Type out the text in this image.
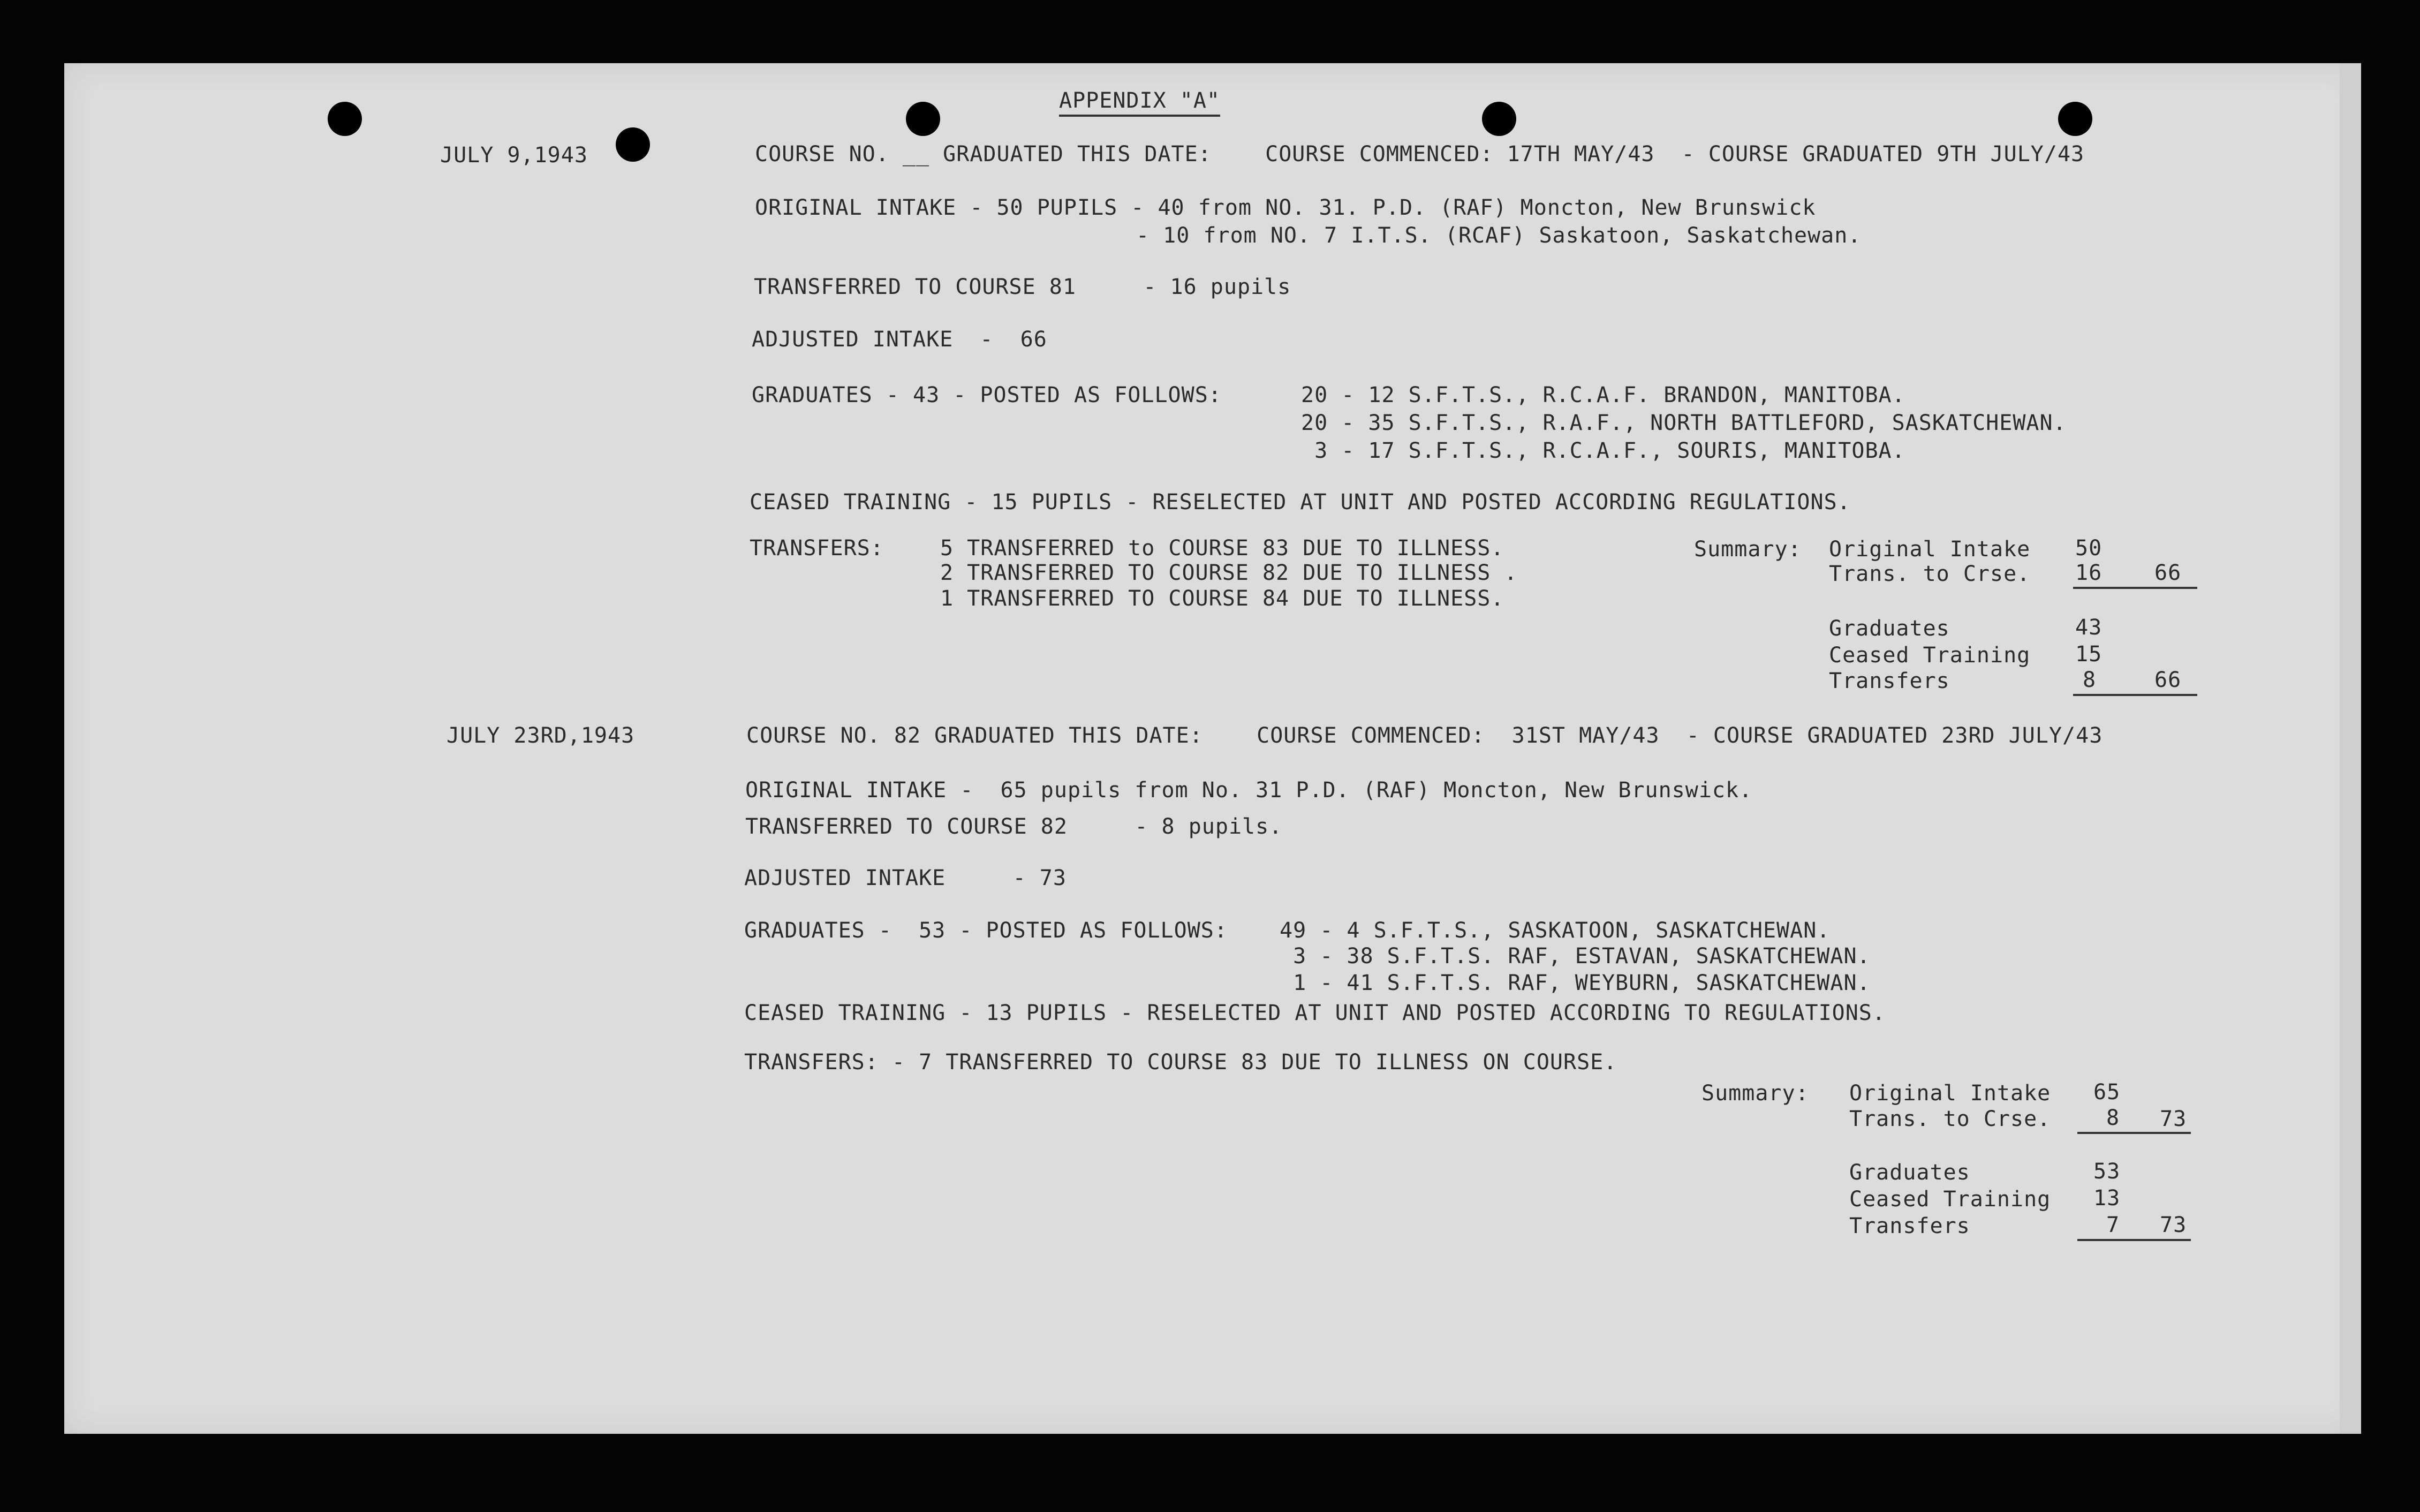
APPENDIX "A"
JULY 9,1943	COURSE NO. __ GRADUATED THIS DATE:    COURSE COMMENCED: 17TH MAY/43  - COURSE GRADUATED 9TH JULY/43
ORIGINAL INTAKE - 50 PUPILS - 40 from NO. 31. P.D. (RAF) Moncton, New Brunswick
- 10 from NO. 7 I.T.S. (RCAF) Saskatoon, Saskatchewan.
TRANSFERRED TO COURSE 81     - 16 pupils
ADJUSTED INTAKE  -  66
GRADUATES - 43 - POSTED AS FOLLOWS:	20 - 12 S.F.T.S., R.C.A.F. BRANDON, MANITOBA.
20 - 35 S.F.T.S., R.A.F., NORTH BATTLEFORD, SASKATCHEWAN.
3 - 17 S.F.T.S., R.C.A.F., SOURIS, MANITOBA.
CEASED TRAINING - 15 PUPILS - RESELECTED AT UNIT AND POSTED ACCORDING REGULATIONS.
TRANSFERS:	5 TRANSFERRED to COURSE 83 DUE TO ILLNESS.
2 TRANSFERRED TO COURSE 82 DUE TO ILLNESS .
1 TRANSFERRED TO COURSE 84 DUE TO ILLNESS.
Summary: Original Intake 50
Trans. to Crse. 16 66
Graduates	43
Ceased Training 15
Transfers	8	66
JULY 23RD,1943	COURSE NO. 82 GRADUATED THIS DATE:    COURSE COMMENCED:  31ST MAY/43  - COURSE GRADUATED 23RD JULY/43
ORIGINAL INTAKE -  65 pupils from No. 31 P.D. (RAF) Moncton, New Brunswick.
TRANSFERRED TO COURSE 82     - 8 pupils.
ADJUSTED INTAKE     - 73
GRADUATES -  53 - POSTED AS FOLLOWS: 49 - 4 S.F.T.S., SASKATOON, SASKATCHEWAN.
3 - 38 S.F.T.S. RAF, ESTAVAN, SASKATCHEWAN.
1 - 41 S.F.T.S. RAF, WEYBURN, SASKATCHEWAN.
CEASED TRAINING - 13 PUPILS - RESELECTED AT UNIT AND POSTED ACCORDING TO REGULATIONS.
TRANSFERS: - 7 TRANSFERRED TO COURSE 83 DUE TO ILLNESS ON COURSE.
Summary: Original Intake 65
Trans. to Crse.	8 73
Graduates	53
Ceased Training 13
Transfers	7 73
